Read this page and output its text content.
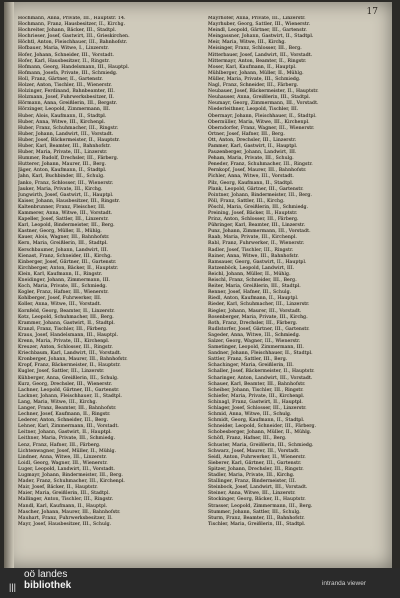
17
Hochmann, Anna, Private, III., Hauptstr. 14.
Hochmann, Franz, Hausbesitzer, II., Kirchg.
Hochreiter, Johann, Bäcker, III., Stadtpl.
Hochrieser, Josef, Gastwirt, III., Grieskirchen.
Höchtl, Anton, Fleischhauer, III., Bahnhofstr.
Hofbauer, Maria, Witwe, I., Linzerstr.
Hofer, Johann, Schneider, III., Vorstadt.
Hofer, Karl, Hausbesitzer, II., Ringstr.
Hofmann, Georg, Handelsmann, III., Hauptpl.
Hofmann, Josefa, Private, III., Schmiedg.
Holl, Franz, Gärtner, II., Gartenstr.
Holzer, Anton, Tischler, III., Wienerstr.
Holzinger, Ferdinand, Bahnbeamter, III.
Holzmann, Josef, Fuhrwerksbesitzer, II.
Hörmann, Anna, Greißlerin, III., Bergstr.
Hörzinger, Leopold, Zimmermann, III.
Huber, Alois, Kaufmann, II., Stadtpl.
Huber, Anna, Witwe, III., Kirchenpl.
Huber, Franz, Schuhmacher, III., Ringstr.
Huber, Johann, Landwirt, III., Vorstadt.
Huber, Josef, Bäckermeister, II., Hauptstr.
Huber, Karl, Beamter, III., Bahnhofstr.
Huber, Maria, Private, III., Linzerstr.
Hummer, Rudolf, Drechsler, III., Färberg.
Hutterer, Johann, Maurer, III., Berg.
Jäger, Anton, Kaufmann, II., Stadtpl.
Jahn, Karl, Buchbinder, III., Schulg.
Janko, Franz, Schlosser, III., Wienerstr.
Jauker, Maria, Private, III., Kirchg.
Jungwirth, Josef, Gastwirt, II., Hauptpl.
Kaiser, Johann, Hausbesitzer, III., Ringstr.
Kaltenbrunner, Franz, Fleischer, III.
Kammerer, Anna, Witwe, III., Vorstadt.
Kapeller, Josef, Sattler, III., Linzerstr.
Karl, Leopold, Bindermeister, III., Berg.
Kastner, Georg, Müller, II., Mühlg.
Kauer, Alois, Wagner, III., Bahnhofstr.
Kern, Maria, Greißlerin, III., Stadtpl.
Kerschbaumer, Johann, Landwirt, III.
Kienast, Franz, Schneider, III., Kirchg.
Kinberger, Josef, Gärtner, III., Gartenstr.
Kirchberger, Anton, Bäcker, II., Hauptstr.
Klein, Karl, Kaufmann, II., Ringstr.
Kneidinger, Johann, Zimmermann, III.
Koch, Maria, Private, III., Schmiedg.
Kogler, Franz, Hafner, III., Wienerstr.
Kohlberger, Josef, Fuhrwerker, III.
Koller, Anna, Witwe, III., Vorstadt.
Kornfeld, Georg, Beamter, II., Linzerstr.
Kotz, Leopold, Schuhmacher, III., Berg.
Krammer, Johann, Gastwirt, II., Stadtpl.
Kranzl, Franz, Tischler, III., Färberg.
Kraus, Josef, Handelsmann, III., Hauptpl.
Krenn, Maria, Private, III., Kirchenpl.
Kreuzer, Anton, Schlosser, III., Ringstr.
Kriechbaum, Karl, Landwirt, III., Vorstadt.
Kronberger, Johann, Maurer, III., Bahnhofstr.
Kropf, Franz, Bäckermeister, II., Hauptstr.
Kugler, Josef, Sattler, III., Linzerstr.
Kühberger, Anna, Greißlerin, III., Schulg.
Kurz, Georg, Drechsler, III., Wienerstr.
Lachner, Leopold, Gärtner, III., Gartenstr.
Lackner, Johann, Fleischhauer, II., Stadtpl.
Lang, Maria, Witwe, III., Kirchg.
Langer, Franz, Beamter, III., Bahnhofstr.
Lechner, Josef, Kaufmann, II., Ringstr.
Lederer, Anton, Schneider, III., Berg.
Lehner, Karl, Zimmermann, III., Vorstadt.
Leitner, Johann, Gastwirt, II., Hauptpl.
Leithner, Maria, Private, III., Schmiedg.
Lenz, Franz, Hafner, III., Färberg.
Lichtenwagner, Josef, Müller, II., Mühlg.
Lindner, Anna, Witwe, III., Linzerstr.
Loidl, Georg, Wagner, III., Wienerstr.
Luger, Leopold, Landwirt, III., Vorstadt.
Lugmayr, Johann, Bindermeister, III., Berg.
Mader, Franz, Schuhmacher, III., Kirchenpl.
Mair, Josef, Bäcker, II., Hauptstr.
Maier, Maria, Greißlerin, III., Stadtpl.
Mallinger, Anton, Tischler, III., Ringstr.
Mandl, Karl, Kaufmann, II., Hauptpl.
Mascher, Johann, Maurer, III., Bahnhofstr.
Mauhart, Franz, Fuhrwerksbesitzer, II.
Mayr, Josef, Hausbesitzer, III., Schulg.
Mayrhofer, Anna, Private, III., Linzerstr.
Mayrhuber, Georg, Sattler, III., Wienerstr.
Meindl, Leopold, Gärtner, III., Gartenstr.
Meingassner, Johann, Gastwirt, II., Stadtpl.
Meir, Maria, Witwe, III., Kirchg.
Meisinger, Franz, Schlosser, III., Berg.
Mitterbauer, Josef, Landwirt, III., Vorstadt.
Mittermayr, Anton, Beamter, II., Ringstr.
Moser, Karl, Kaufmann, II., Hauptpl.
Mühlberger, Johann, Müller, II., Mühlg.
Müller, Maria, Private, III., Schmiedg.
Nagl, Franz, Schneider, III., Färberg.
Neubauer, Josef, Bäckermeister, II., Hauptstr.
Neuhauser, Anna, Greißlerin, III., Stadtpl.
Neumayr, Georg, Zimmermann, III., Vorstadt.
Niederleithner, Leopold, Tischler, III.
Obermayr, Johann, Fleischhauer, II., Stadtpl.
Obermüller, Maria, Witwe, III., Kirchenpl.
Oberndorfer, Franz, Wagner, III., Wienerstr.
Ortner, Josef, Hafner, III., Berg.
Ott, Anton, Drechsler, III., Linzerstr.
Pammer, Karl, Gastwirt, II., Hauptpl.
Pauzenberger, Johann, Landwirt, III.
Peham, Maria, Private, III., Schulg.
Peneder, Franz, Schuhmacher, III., Ringstr.
Pernkopf, Josef, Maurer, III., Bahnhofstr.
Pichler, Anna, Witwe, III., Vorstadt.
Pilz, Georg, Kaufmann, II., Stadtpl.
Plank, Leopold, Gärtner, III., Gartenstr.
Pointner, Johann, Bindermeister, III., Berg.
Pöll, Franz, Sattler, III., Kirchg.
Pöschl, Maria, Greißlerin, III., Schmiedg.
Preining, Josef, Bäcker, II., Hauptstr.
Prinz, Anton, Schlosser, III., Färberg.
Pühringer, Karl, Beamter, III., Linzerstr.
Punz, Johann, Zimmermann, III., Vorstadt.
Raab, Maria, Private, III., Kirchenpl.
Rabl, Franz, Fuhrwerker, II., Wienerstr.
Radler, Josef, Tischler, III., Ringstr.
Rainer, Anna, Witwe, III., Bahnhofstr.
Ramsauer, Georg, Gastwirt, II., Hauptpl.
Ratzenböck, Leopold, Landwirt, III.
Reichl, Johann, Müller, II., Mühlg.
Reischl, Franz, Schneider, III., Berg.
Reiter, Maria, Greißlerin, III., Stadtpl.
Renner, Josef, Hafner, III., Schulg.
Riedl, Anton, Kaufmann, II., Hauptpl.
Rieder, Karl, Schuhmacher, III., Linzerstr.
Riegler, Johann, Maurer, III., Vorstadt.
Rosenberger, Maria, Private, III., Kirchg.
Roth, Franz, Drechsler, III., Färberg.
Rudlstorfer, Josef, Gärtner, III., Gartenstr.
Sageder, Anna, Witwe, III., Schmiedg.
Salzer, Georg, Wagner, III., Wienerstr.
Sametinger, Leopold, Zimmermann, III.
Sandner, Johann, Fleischhauer, II., Stadtpl.
Sattler, Franz, Sattler, III., Berg.
Schachinger, Maria, Greißlerin, III.
Schaller, Josef, Bäckermeister, II., Hauptstr.
Scharinger, Anton, Landwirt, III., Vorstadt.
Schauer, Karl, Beamter, III., Bahnhofstr.
Scheiber, Johann, Tischler, III., Ringstr.
Schiefer, Maria, Private, III., Kirchenpl.
Schinagl, Franz, Gastwirt, II., Hauptpl.
Schlager, Josef, Schlosser, III., Linzerstr.
Schmid, Anna, Witwe, III., Schulg.
Schmidt, Georg, Kaufmann, II., Stadtpl.
Schneider, Leopold, Schneider, III., Färberg.
Schobesberger, Johann, Müller, II., Mühlg.
Schöfl, Franz, Hafner, III., Berg.
Schuster, Maria, Greißlerin, III., Schmiedg.
Schwarz, Josef, Maurer, III., Vorstadt.
Seidl, Anton, Fuhrwerker, II., Wienerstr.
Sieberer, Karl, Gärtner, III., Gartenstr.
Spitzer, Johann, Drechsler, III., Ringstr.
Stadler, Maria, Private, III., Kirchg.
Stallinger, Franz, Bindermeister, III.
Steinbock, Josef, Landwirt, III., Vorstadt.
Steiner, Anna, Witwe, III., Linzerstr.
Stockinger, Georg, Bäcker, II., Hauptstr.
Strasser, Leopold, Zimmermann, III., Berg.
Stummer, Johann, Sattler, III., Schulg.
Sturm, Franz, Beamter, III., Bahnhofstr.
Tischler, Maria, Greißlerin, III., Stadtpl.
|||
oö landes
bibliothek	intranda viewer
